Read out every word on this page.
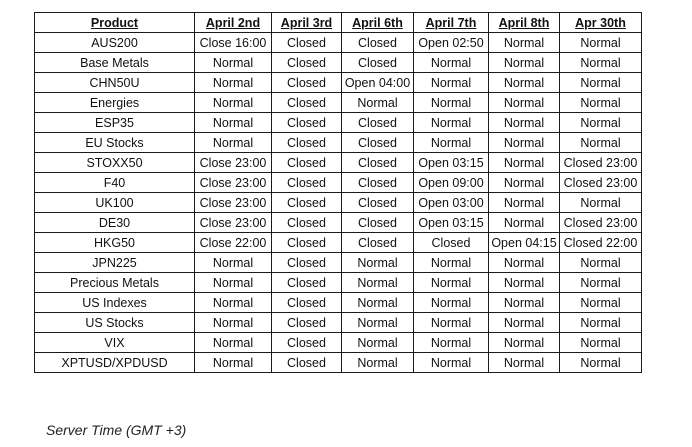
Product	April 2nd	April 3rd	April 6th	April 7th	April 8th	Apr 30th
AUS200	Close 16:00	Closed	Closed	Open 02:50	Normal	Normal
Base Metals	Normal	Closed	Closed	Normal	Normal	Normal
CHN50U	Normal	Closed	Open 04:00	Normal	Normal	Normal
Energies	Normal	Closed	Normal	Normal	Normal	Normal
ESP35	Normal	Closed	Closed	Normal	Normal	Normal
EU Stocks	Normal	Closed	Closed	Normal	Normal	Normal
STOXX50	Close 23:00	Closed	Closed	Open 03:15	Normal	Closed 23:00
F40	Close 23:00	Closed	Closed	Open 09:00	Normal	Closed 23:00
UK100	Close 23:00	Closed	Closed	Open 03:00	Normal	Normal
DE30	Close 23:00	Closed	Closed	Open 03:15	Normal	Closed 23:00
HKG50	Close 22:00	Closed	Closed	Closed	Open 04:15	Closed 22:00
JPN225	Normal	Closed	Normal	Normal	Normal	Normal
Precious Metals	Normal	Closed	Normal	Normal	Normal	Normal
US Indexes	Normal	Closed	Normal	Normal	Normal	Normal
US Stocks	Normal	Closed	Normal	Normal	Normal	Normal
VIX	Normal	Closed	Normal	Normal	Normal	Normal
XPTUSD/XPDUSD	Normal	Closed	Normal	Normal	Normal	Normal
Server Time (GMT +3)
